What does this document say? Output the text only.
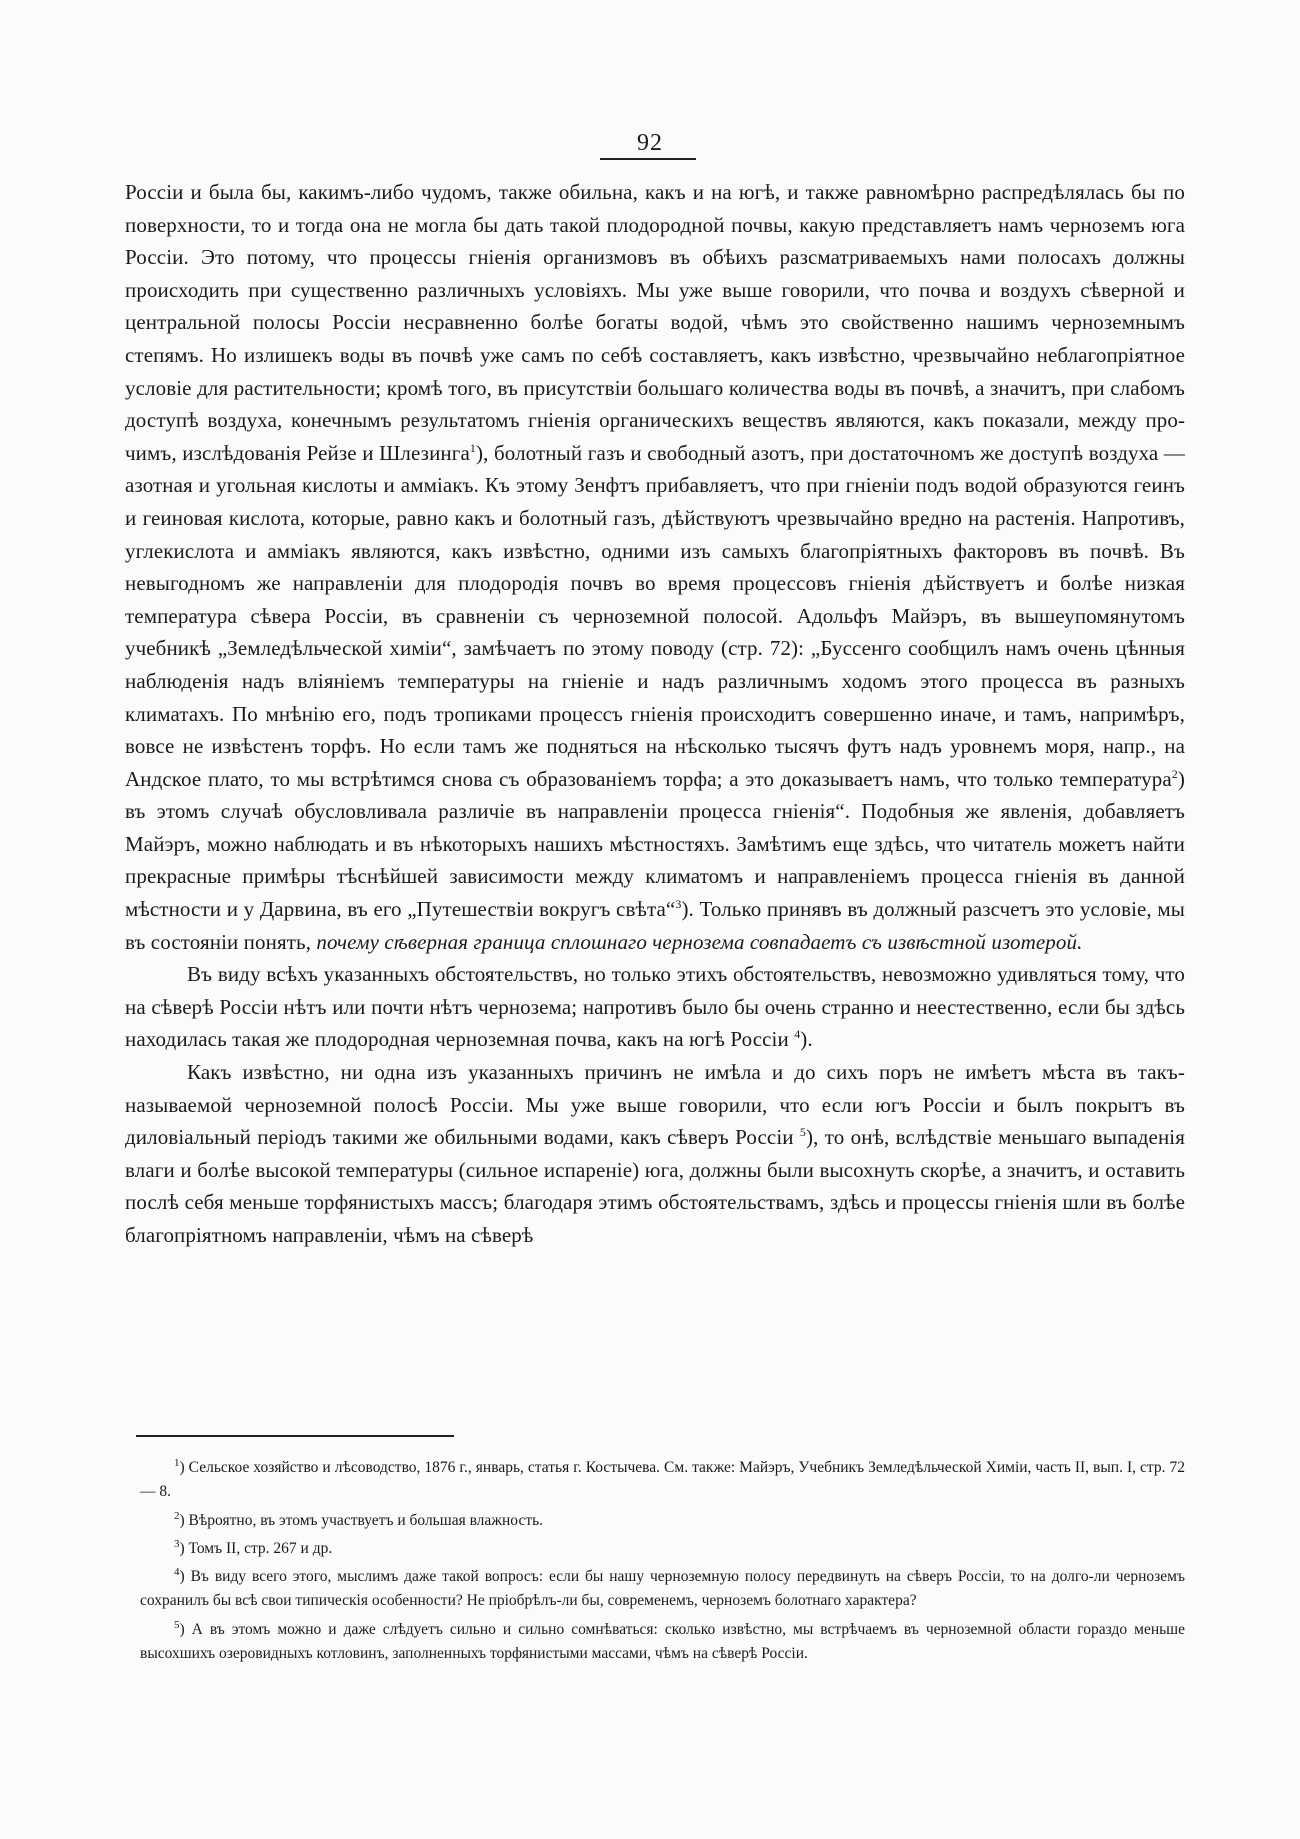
92

Россіи и была бы, какимъ-либо чудомъ, также обильна, какъ и на югѣ, и также равномѣрно распредѣлялась бы по поверхности, то и тогда она не могла бы дать такой плодородной почвы, какую представляетъ намъ черноземъ юга Россіи. Это потому, что процессы гніенія организмовъ въ обѣихъ разсматриваемыхъ нами полосахъ должны происходить при существенно различныхъ условіяхъ. Мы уже выше говорили, что почва и воздухъ сѣверной и центральной полосы Россіи несравненно болѣе богаты водой, чѣмъ это свойственно нашимъ черноземнымъ степямъ. Но излишекъ воды въ почвѣ уже самъ по себѣ составляетъ, какъ извѣстно, чрезвычайно неблагопріятное условіе для растительности; кромѣ того, въ присутствіи большаго количества воды въ почвѣ, а значитъ, при слабомъ доступѣ воздуха, конечнымъ результатомъ гніенія органическихъ веществъ являются, какъ показали, между прочимъ, изслѣдованія Рейзе и Шлезинга$^1$), болотный газъ и свободный азотъ, при достаточномъ же доступѣ воздуха — азотная и угольная кислоты и аммiакъ. Къ этому Зенфтъ прибавляетъ, что при гніеніи подъ водой образуются геинъ и геиновая кислота, которые, равно какъ и болотный газъ, дѣйствуютъ чрезвычайно вредно на растенія. Напротивъ, углекислота и аммiакъ являются, какъ извѣстно, одними изъ самыхъ благопріятныхъ факторовъ въ почвѣ. Въ невыгодномъ же направленіи для плодородія почвъ во время процессовъ гніенія дѣйствуетъ и болѣе низкая температура сѣвера Россіи, въ сравненіи съ черноземной полосой. Адольфъ Майэръ, въ вышеупомянутомъ учебникѣ „Земледѣльческой химіи“, замѣчаетъ по этому поводу (стр. 72): „Буссенго сообщилъ намъ очень цѣнныя наблюденія надъ вліяніемъ температуры на гніеніе и надъ различнымъ ходомъ этого процесса въ разныхъ климатахъ. По мнѣнію его, подъ тропиками процессъ гніенія происходитъ совершенно иначе, и тамъ, напримѣръ, вовсе не извѣстенъ торфъ. Но если тамъ же подняться на нѣсколько тысячъ футъ надъ уровнемъ моря, напр., на Андское плато, то мы встрѣтимся снова съ образованіемъ торфа; а это доказываетъ намъ, что только температура$^2$) въ этомъ случаѣ обусловливала различіе въ направленіи процесса гніенія“. Подобныя же явленія, добавляетъ Майэръ, можно наблюдать и въ нѣкоторыхъ нашихъ мѣстностяхъ. Замѣтимъ еще здѣсь, что читатель можетъ найти прекрасные примѣры тѣснѣйшей зависимости между климатомъ и направленіемъ процесса гніенія въ данной мѣстности и у Дарвина, въ его „Путешествіи вокругъ свѣта“$^3$). Только принявъ въ должный разсчетъ это условіе, мы въ состояніи понять, почему сѣверная граница сплошнаго чернозема совпадаетъ съ извѣстной изотерой.

Въ виду всѣхъ указанныхъ обстоятельствъ, но только этихъ обстоятельствъ, невозможно удивляться тому, что на сѣверѣ Россіи нѣтъ или почти нѣтъ чернозема; напротивъ было бы очень странно и неестественно, если бы здѣсь находилась такая же плодородная черноземная почва, какъ на югѣ Россіи $^4$).

Какъ извѣстно, ни одна изъ указанныхъ причинъ не имѣла и до сихъ поръ не имѣетъ мѣста въ такъ-называемой черноземной полосѣ Россіи. Мы уже выше говорили, что если югъ Россіи и былъ покрытъ въ диловіальный періодъ такими же обильными водами, какъ сѣверъ Россіи $^5$), то онѣ, вслѣдствіе меньшаго выпаденія влаги и болѣе высокой температуры (сильное испареніе) юга, должны были высохнуть скорѣе, а значитъ, и оставить послѣ себя меньше торфянистыхъ массъ; благодаря этимъ обстоятельствамъ, здѣсь и процессы гніенія шли въ болѣе благопріятномъ направленіи, чѣмъ на сѣверѣ

$^1$) Сельское хозяйство и лѣсоводство, 1876 г., январь, статья г. Костычева. См. также: Майэръ, Учебникъ Земледѣльческой Химіи, часть II, вып. I, стр. 72 — 8.

$^2$) Вѣроятно, въ этомъ участвуетъ и большая влажность.

$^3$) Томъ II, стр. 267 и др.

$^4$) Въ виду всего этого, мыслимъ даже такой вопросъ: если бы нашу черноземную полосу передвинуть на сѣверъ Россіи, то на долго-ли черноземъ сохранилъ бы всѣ свои типическія особенности? Не пріобрѣлъ-ли бы, современемъ, черноземъ болотнаго характера?

$^5$) А въ этомъ можно и даже слѣдуетъ сильно и сильно сомнѣваться: сколько извѣстно, мы встрѣчаемъ въ черноземной области гораздо меньше высохшихъ озеровидныхъ котловинъ, заполненныхъ торфянистыми массами, чѣмъ на сѣверѣ Россіи.
